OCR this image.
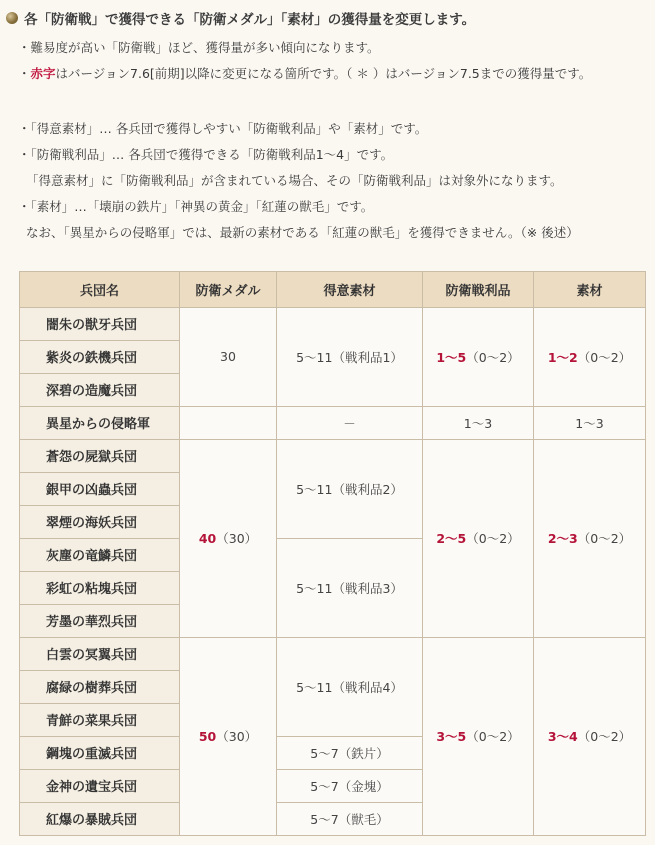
各「防衛戦」で獲得できる「防衛メダル」「素材」の獲得量を変更します。
・難易度が高い「防衛戦」ほど、獲得量が多い傾向になります。
・赤字はバージョン7.6[前期]以降に変更になる箇所です。（ ＊ ）はバージョン7.5までの獲得量です。
・「得意素材」… 各兵団で獲得しやすい「防衛戦利品」や「素材」です。
・「防衛戦利品」… 各兵団で獲得できる「防衛戦利品1～4」です。
「得意素材」に「防衛戦利品」が含まれている場合、その「防衛戦利品」は対象外になります。
・「素材」…「壊崩の鉄片」「神異の黄金」「紅蓮の獣毛」です。
なお、「異星からの侵略軍」では、最新の素材である「紅蓮の獣毛」を獲得できません。（※ 後述）
兵団名	防衛メダル	得意素材	防衛戦利品	素材
闇朱の獣牙兵団	30	5～11（戦利品1）	1～5（0～2）	1～2（0～2）
紫炎の鉄機兵団				
深碧の造魔兵団				
異星からの侵略軍		－	1～3	1～3
蒼怨の屍獄兵団	40（30）	5～11（戦利品2）	2～5（0～2）	2～3（0～2）
銀甲の凶蟲兵団				
翠煙の海妖兵団				
灰塵の竜鱗兵団		5～11（戦利品3）		
彩虹の粘塊兵団				
芳墨の華烈兵団				
白雲の冥翼兵団	50（30）	5～11（戦利品4）	3～5（0～2）	3～4（0～2）
腐緑の樹葬兵団				
青鮮の菜果兵団				
鋼塊の重滅兵団		5～7（鉄片）		
金神の遺宝兵団		5～7（金塊）		
紅爆の暴賊兵団		5～7（獣毛）		
